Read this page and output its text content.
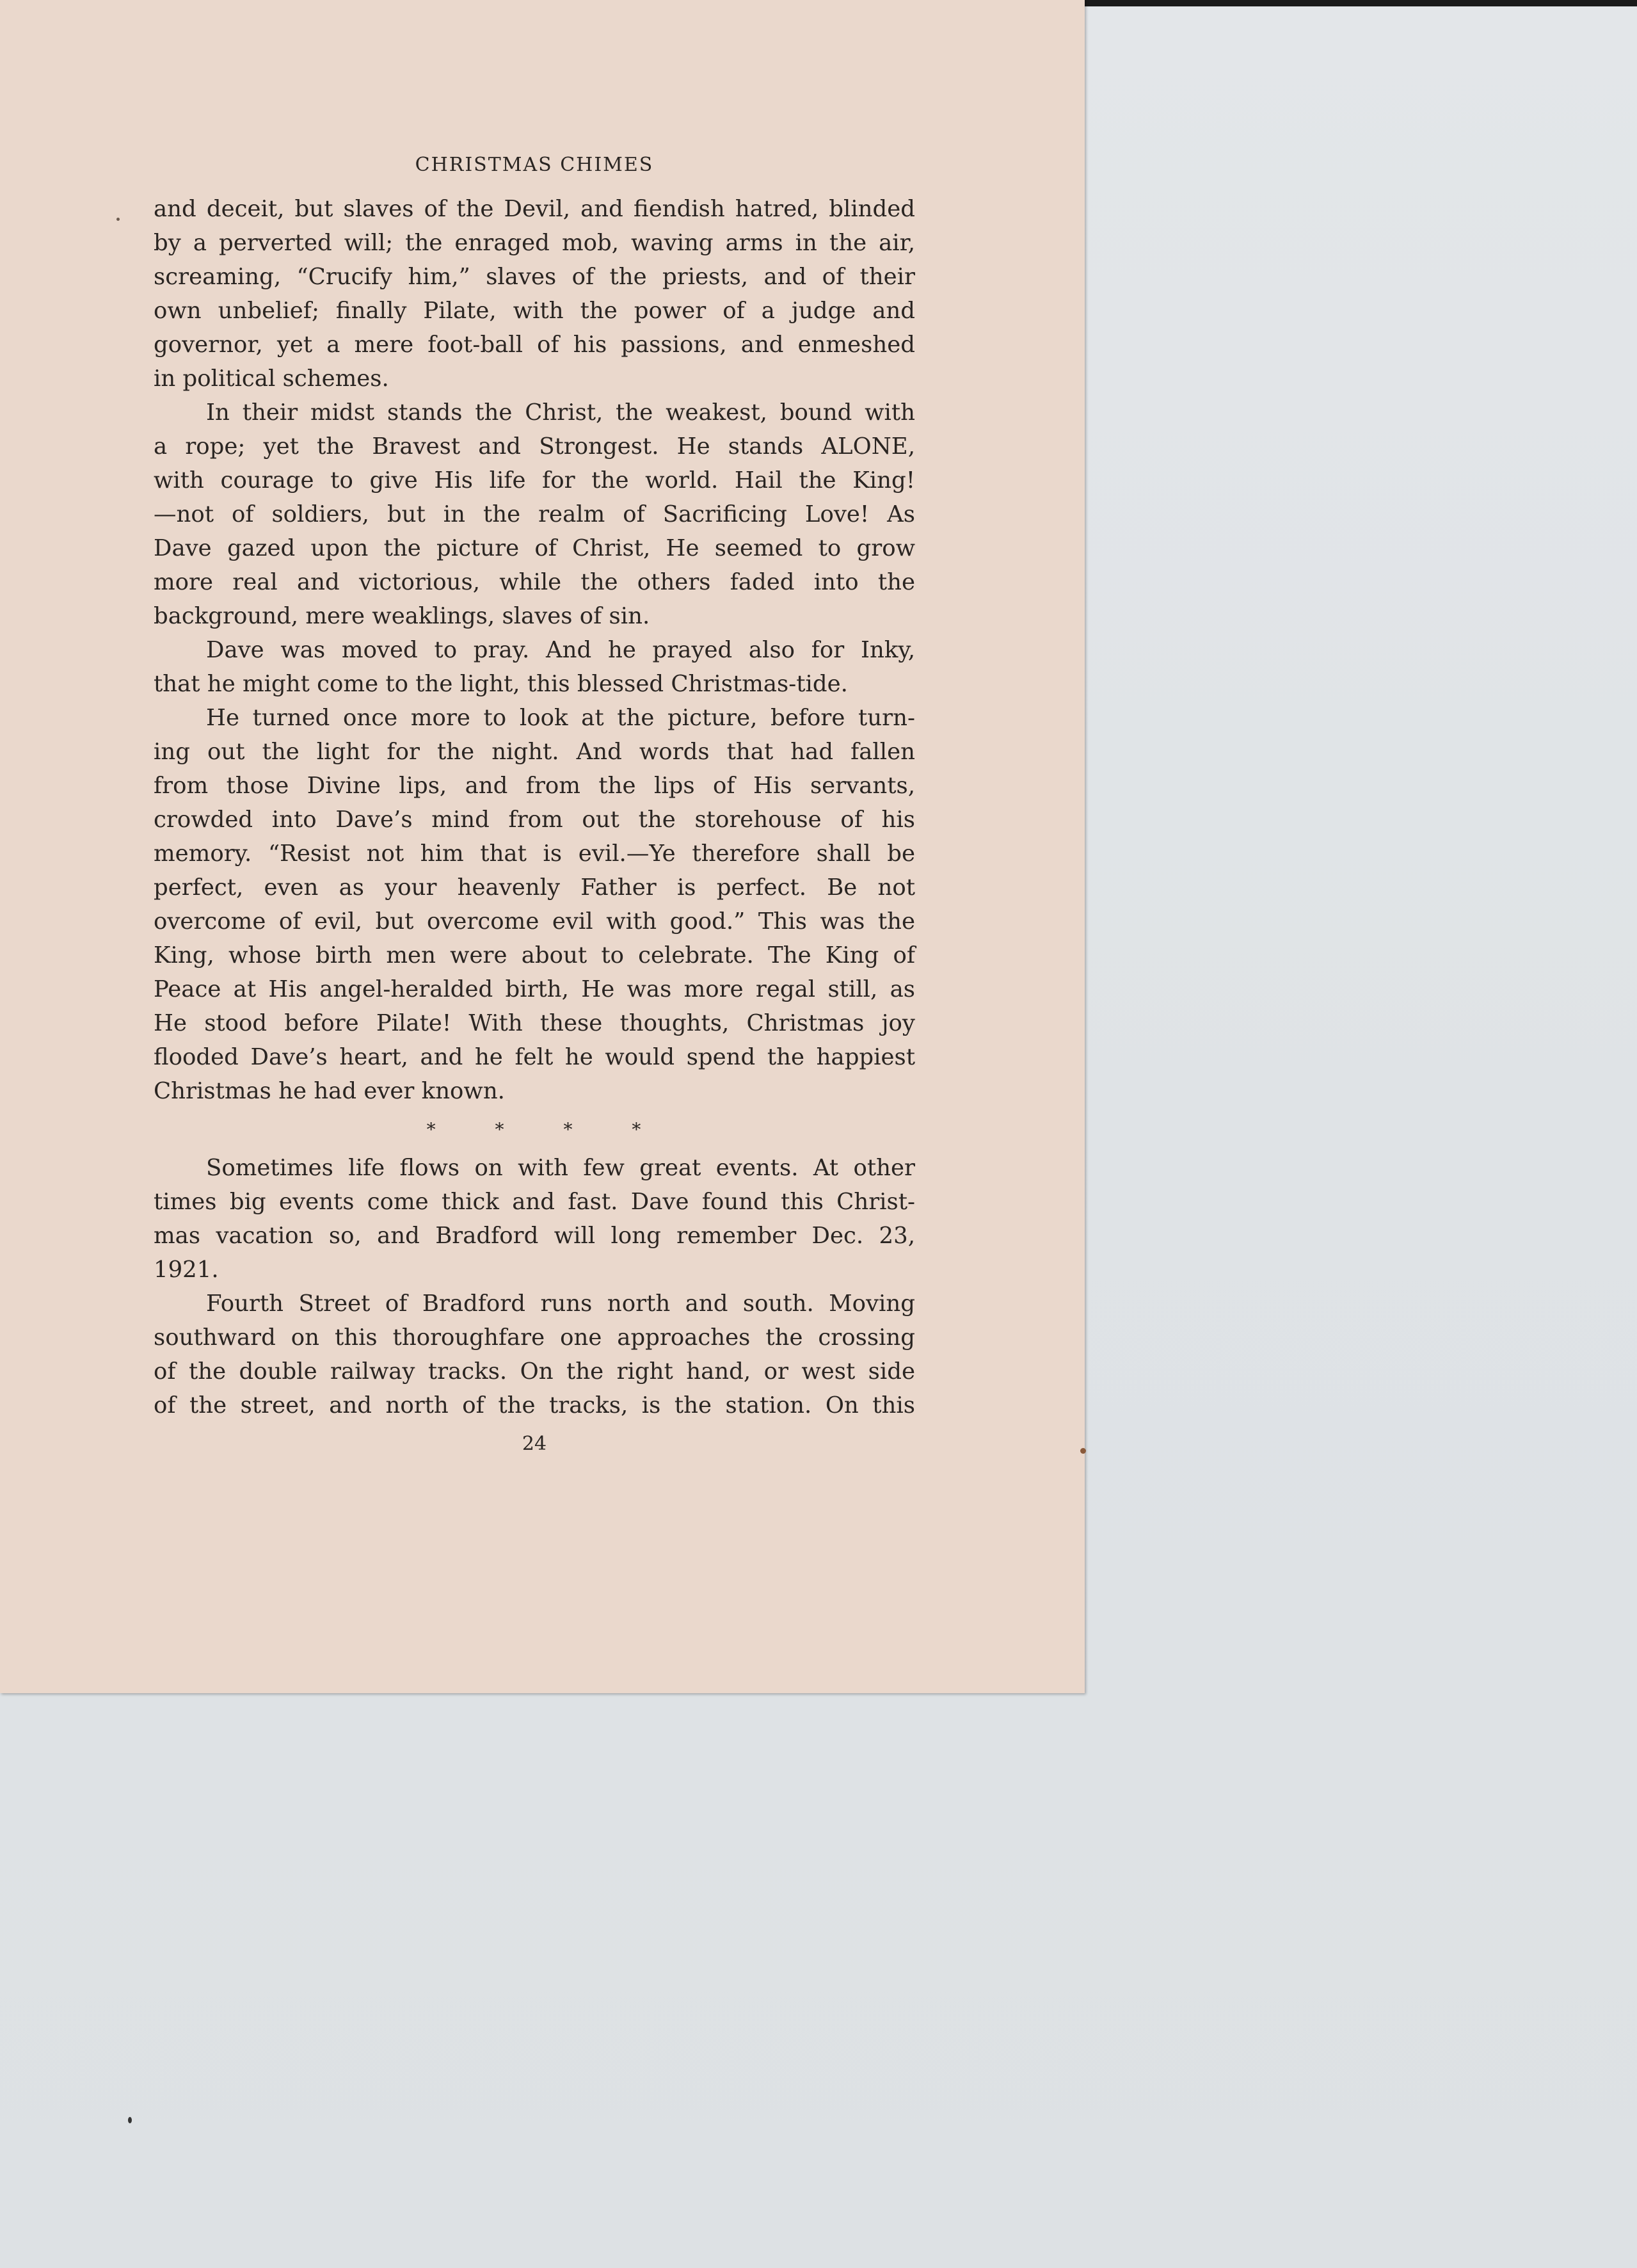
CHRISTMAS CHIMES
and deceit, but slaves of the Devil, and fiendish hatred, blinded
by a perverted will; the enraged mob, waving arms in the air,
screaming, “Crucify him,” slaves of the priests, and of their
own unbelief; finally Pilate, with the power of a judge and
governor, yet a mere foot-ball of his passions, and enmeshed
in political schemes.
In their midst stands the Christ, the weakest, bound with
a rope; yet the Bravest and Strongest. He stands ALONE,
with courage to give His life for the world. Hail the King!
—not of soldiers, but in the realm of Sacrificing Love! As
Dave gazed upon the picture of Christ, He seemed to grow
more real and victorious, while the others faded into the
background, mere weaklings, slaves of sin.
Dave was moved to pray. And he prayed also for Inky,
that he might come to the light, this blessed Christmas-tide.
He turned once more to look at the picture, before turn-
ing out the light for the night. And words that had fallen
from those Divine lips, and from the lips of His servants,
crowded into Dave’s mind from out the storehouse of his
memory. “Resist not him that is evil.—Ye therefore shall be
perfect, even as your heavenly Father is perfect. Be not
overcome of evil, but overcome evil with good.” This was the
King, whose birth men were about to celebrate. The King of
Peace at His angel-heralded birth, He was more regal still, as
He stood before Pilate! With these thoughts, Christmas joy
flooded Dave’s heart, and he felt he would spend the happiest
Christmas he had ever known.
* * * *
Sometimes life flows on with few great events. At other
times big events come thick and fast. Dave found this Christ-
mas vacation so, and Bradford will long remember Dec. 23,
1921.
Fourth Street of Bradford runs north and south. Moving
southward on this thoroughfare one approaches the crossing
of the double railway tracks. On the right hand, or west side
of the street, and north of the tracks, is the station. On this
24
